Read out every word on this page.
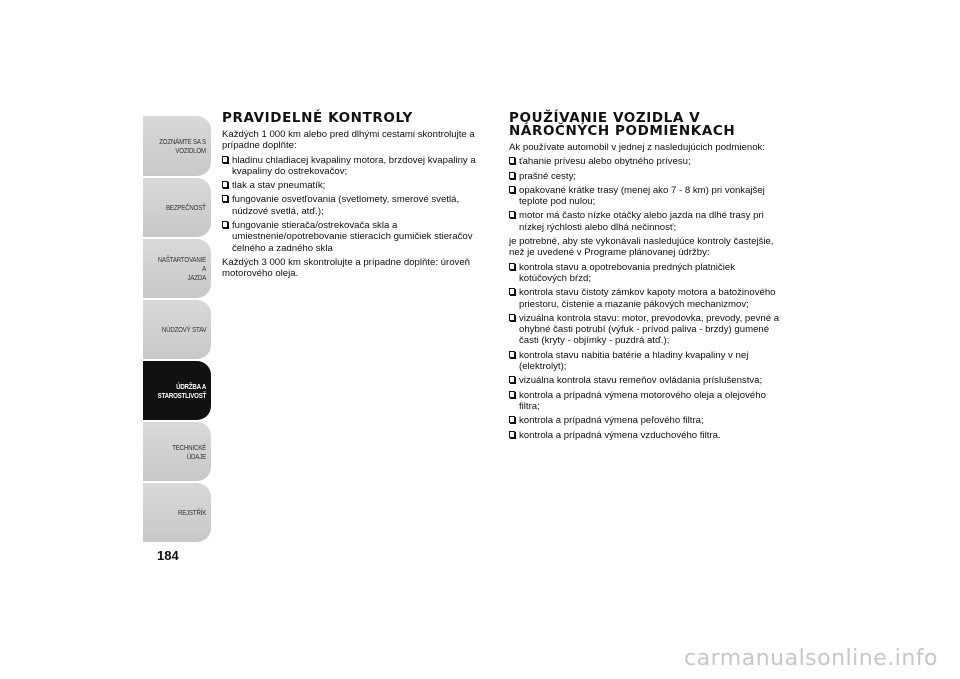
ZOZNÁMTE SA S
VOZIDLOM
BEZPEČNOSŤ
NAŠTARTOVANIE A
JAZDA
NÚDZOVÝ STAV
ÚDRŽBA A
STAROSTLIVOSŤ
TECHNICKÉ ÚDAJE
REJSTŘÍK
184
PRAVIDELNÉ KONTROLY

Každých 1 000 km alebo pred dlhými cestami skontrolujte a prípadne doplňte:

hladinu chladiacej kvapaliny motora, brzdovej kvapaliny a kvapaliny do ostrekovačov;
tlak a stav pneumatík;
fungovanie osvetľovania (svetlomety, smerové svetlá, núdzové svetlá, atď.);
fungovanie stierača/ostrekovača skla a umiestnenie/opotrebovanie stieracích gumičiek stieračov čelného a zadného skla

Každých 3 000 km skontrolujte a prípadne doplňte: úroveň motorového oleja.

POUŽÍVANIE VOZIDLA V NÁROČNÝCH PODMIENKACH

Ak používate automobil v jednej z nasledujúcich podmienok:

ťahanie prívesu alebo obytného prívesu;
prašné cesty;
opakované krátke trasy (menej ako 7 - 8 km) pri vonkajšej teplote pod nulou;
motor má často nízke otáčky alebo jazda na dlhé trasy pri nízkej rýchlosti alebo dlhá nečinnosť;

je potrebné, aby ste vykonávali nasledujúce kontroly častejšie, než je uvedené v Programe plánovanej údržby:

kontrola stavu a opotrebovania predných platničiek kotúčových bŕzd;
kontrola stavu čistoty zámkov kapoty motora a batožinového priestoru, čistenie a mazanie pákových mechanizmov;
vizuálna kontrola stavu: motor, prevodovka, prevody, pevné a ohybné časti potrubí (výfuk - prívod paliva - brzdy) gumené časti (kryty - objímky - puzdrá atď.);
kontrola stavu nabitia batérie a hladiny kvapaliny v nej (elektrolyt);
vizuálna kontrola stavu remeňov ovládania príslušenstva;
kontrola a prípadná výmena motorového oleja a olejového filtra;
kontrola a prípadná výmena peľového filtra;
kontrola a prípadná výmena vzduchového filtra.
carmanualsonline.info
